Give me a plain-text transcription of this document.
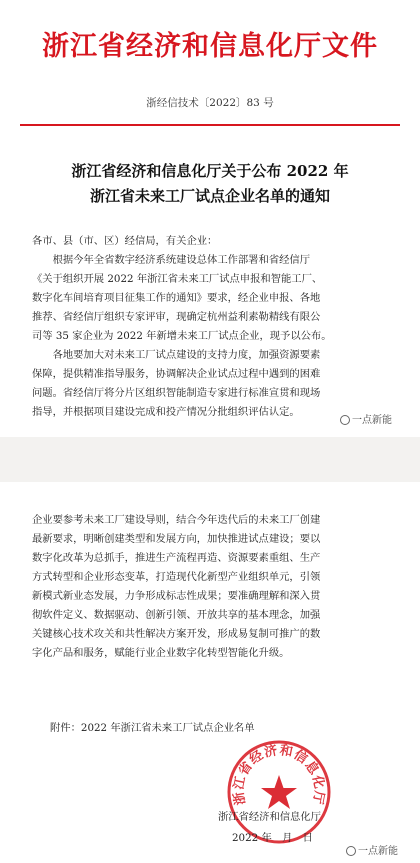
浙江省经济和信息化厅文件
浙经信技术〔2022〕83 号
浙江省经济和信息化厅关于公布 2022 年
浙江省未来工厂试点企业名单的通知
各市、县（市、区）经信局，有关企业：
　　根据今年全省数字经济系统建设总体工作部署和省经信厅
《关于组织开展 2022 年浙江省未来工厂试点申报和智能工厂、
数字化车间培育项目征集工作的通知》要求，经企业申报、各地
推荐、省经信厅组织专家评审，现确定杭州益利素勒精线有限公
司等 35 家企业为 2022 年新增未来工厂试点企业，现予以公布。
　　各地要加大对未来工厂试点建设的支持力度，加强资源要素
保障，提供精准指导服务，协调解决企业试点过程中遇到的困难
问题。省经信厅将分片区组织智能制造专家进行标准宣贯和现场
指导，并根据项目建设完成和投产情况分批组织评估认定。
一点新能
企业要参考未来工厂建设导则，结合今年迭代后的未来工厂创建
最新要求，明晰创建类型和发展方向，加快推进试点建设；要以
数字化改革为总抓手，推进生产流程再造、资源要素重组、生产
方式转型和企业形态变革，打造现代化新型产业组织单元，引领
新模式新业态发展，力争形成标志性成果；要准确理解和深入贯
彻软件定义、数据驱动、创新引领、开放共享的基本理念，加强
关键核心技术攻关和共性解决方案开发，形成易复制可推广的数
字化产品和服务，赋能行业企业数字化转型智能化升级。
附件：2022 年浙江省未来工厂试点企业名单
浙江省经济和信息化厅
浙江省经济和信息化厅
2022 年　月　日
一点新能
